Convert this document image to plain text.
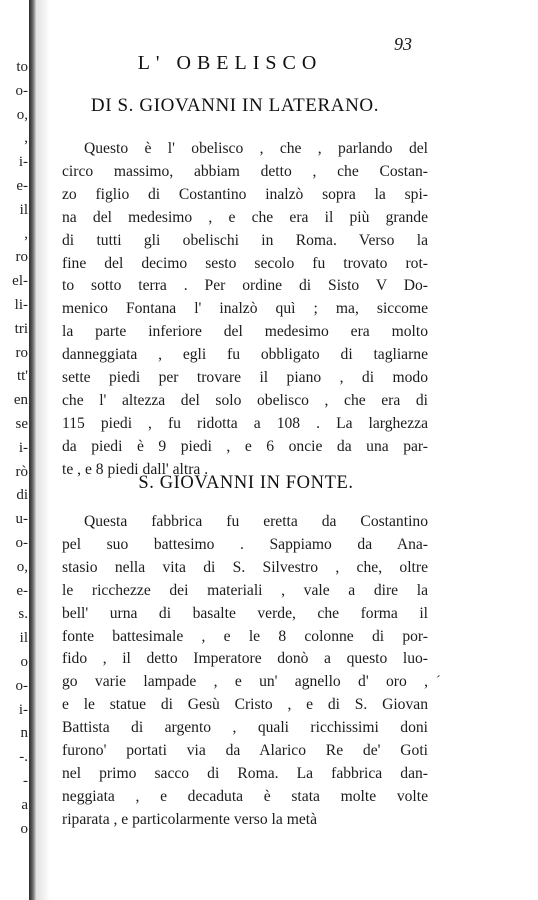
to
o-
o,
,
i-
e-
il
,
ro
el-
li-
tri
ro
tt'
en
se
i-
rò
di
u-
o-
o,
e-
s.
il
o
o-
i-
n
-.
-
a
o
93
L' OBELISCO
DI S. GIOVANNI IN LATERANO.
Questo è l' obelisco , che , parlando del
circo massimo, abbiam detto , che Costan-
zo figlio di Costantino inalzò sopra la spi-
na del medesimo , e che era il più grande
di tutti gli obelischi in Roma. Verso la
fine del decimo sesto secolo fu trovato rot-
to sotto terra . Per ordine di Sisto V Do-
menico Fontana l' inalzò quì ; ma, siccome
la parte inferiore del medesimo era molto
danneggiata , egli fu obbligato di tagliarne
sette piedi per trovare il piano , di modo
che l' altezza del solo obelisco , che era di
115 piedi , fu ridotta a 108 . La larghezza
da piedi è 9 piedi , e 6 oncie da una par-
te , e 8 piedi dall' altra .
S. GIOVANNI IN FONTE.
Questa fabbrica fu eretta da Costantino
pel suo battesimo . Sappiamo da Ana-
stasio nella vita di S. Silvestro , che, oltre
le ricchezze dei materiali , vale a dire la
bell' urna di basalte verde, che forma il
fonte battesimale , e le 8 colonne di por-
fido , il detto Imperatore donò a questo luo-
go varie lampade , e un' agnello d' oro ,
e le statue di Gesù Cristo , e di S. Giovan
Battista di argento , quali ricchissimi doni
furono' portati via da Alarico Re de' Goti
nel primo sacco di Roma. La fabbrica dan-
neggiata , e decaduta è stata molte volte
riparata , e particolarmente verso la metà
ˊ
